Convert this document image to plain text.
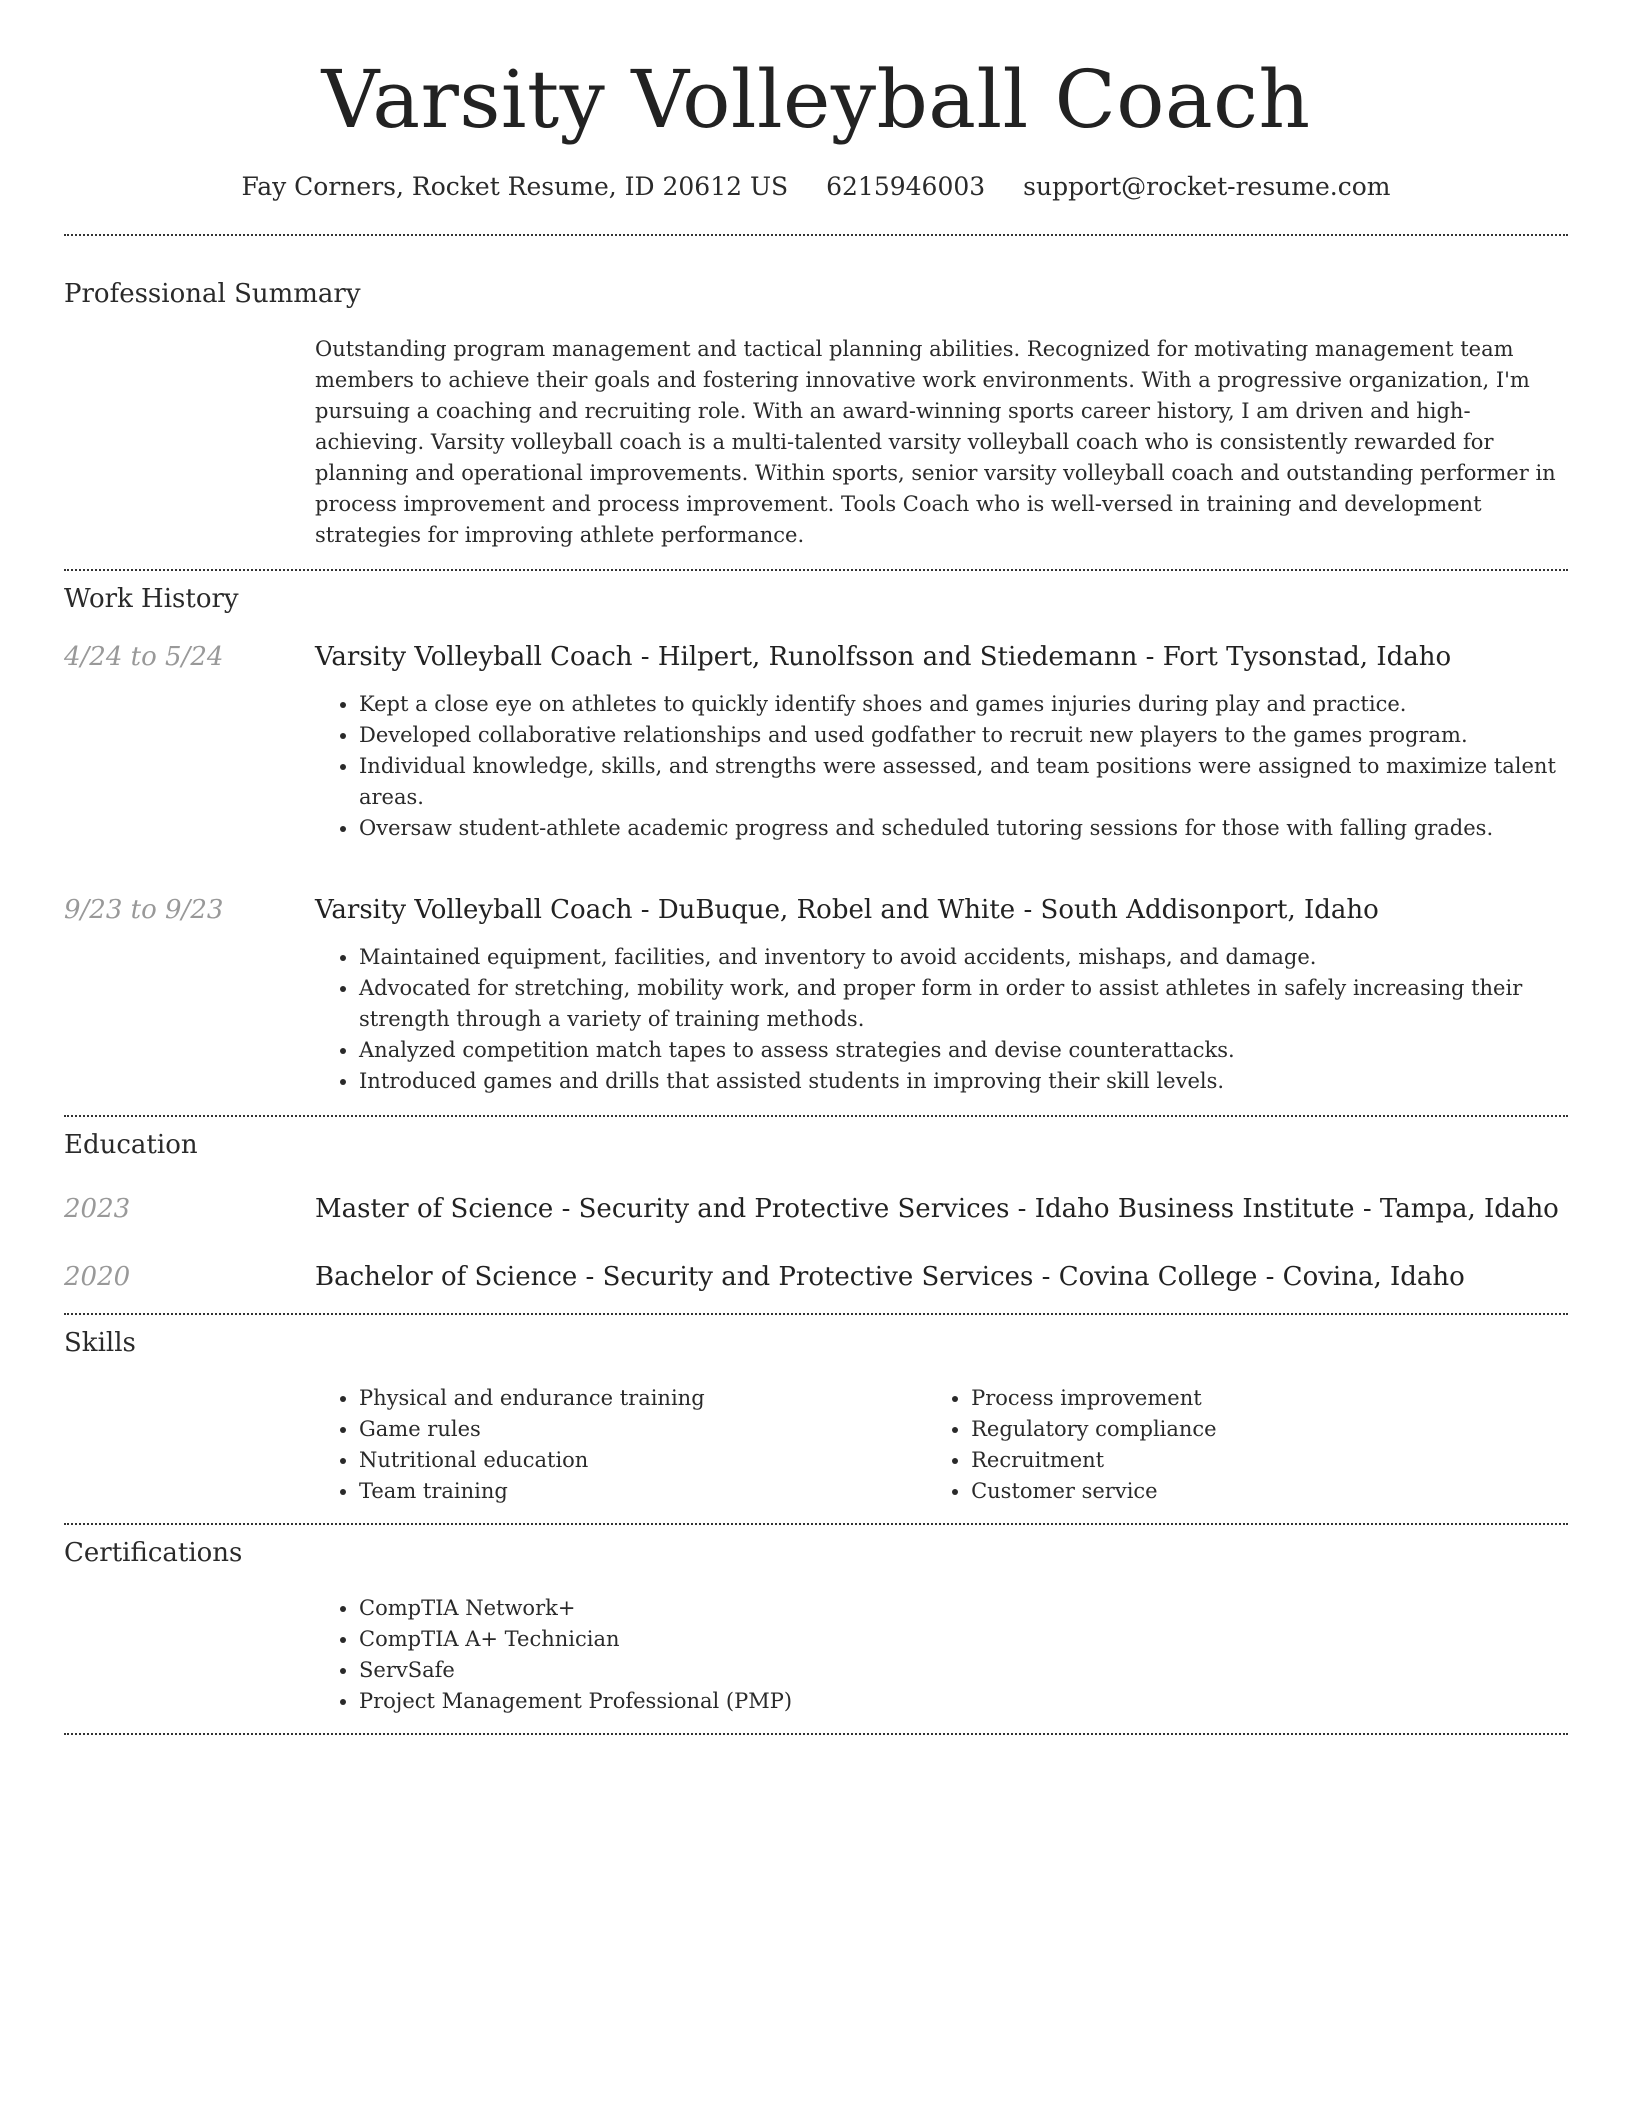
Varsity Volleyball Coach
Fay Corners, Rocket Resume, ID 20612 US 6215946003 support@rocket-resume.com
Professional Summary

Outstanding program management and tactical planning abilities. Recognized for motivating management team members to achieve their goals and fostering innovative work environments. With a progressive organization, I'm pursuing a coaching and recruiting role. With an award-winning sports career history, I am driven and high-achieving. Varsity volleyball coach is a multi-talented varsity volleyball coach who is consistently rewarded for planning and operational improvements. Within sports, senior varsity volleyball coach and outstanding performer in process improvement and process improvement. Tools Coach who is well-versed in training and development strategies for improving athlete performance.

Work History
4/24 to 5/24	Varsity Volleyball Coach - Hilpert, Runolfsson and Stiedemann - Fort Tysonstad, Idaho
• Kept a close eye on athletes to quickly identify shoes and games injuries during play and practice.
• Developed collaborative relationships and used godfather to recruit new players to the games program.
• Individual knowledge, skills, and strengths were assessed, and team positions were assigned to maximize talent areas.
• Oversaw student-athlete academic progress and scheduled tutoring sessions for those with falling grades.
9/23 to 9/23	Varsity Volleyball Coach - DuBuque, Robel and White - South Addisonport, Idaho
• Maintained equipment, facilities, and inventory to avoid accidents, mishaps, and damage.
• Advocated for stretching, mobility work, and proper form in order to assist athletes in safely increasing their strength through a variety of training methods.
• Analyzed competition match tapes to assess strategies and devise counterattacks.
• Introduced games and drills that assisted students in improving their skill levels.
Education
2023	Master of Science - Security and Protective Services - Idaho Business Institute - Tampa, Idaho
2020	Bachelor of Science - Security and Protective Services - Covina College - Covina, Idaho
Skills
• Physical and endurance training
• Game rules
• Nutritional education
• Team training
• Process improvement
• Regulatory compliance
• Recruitment
• Customer service
Certifications
• CompTIA Network+
• CompTIA A+ Technician
• ServSafe
• Project Management Professional (PMP)
